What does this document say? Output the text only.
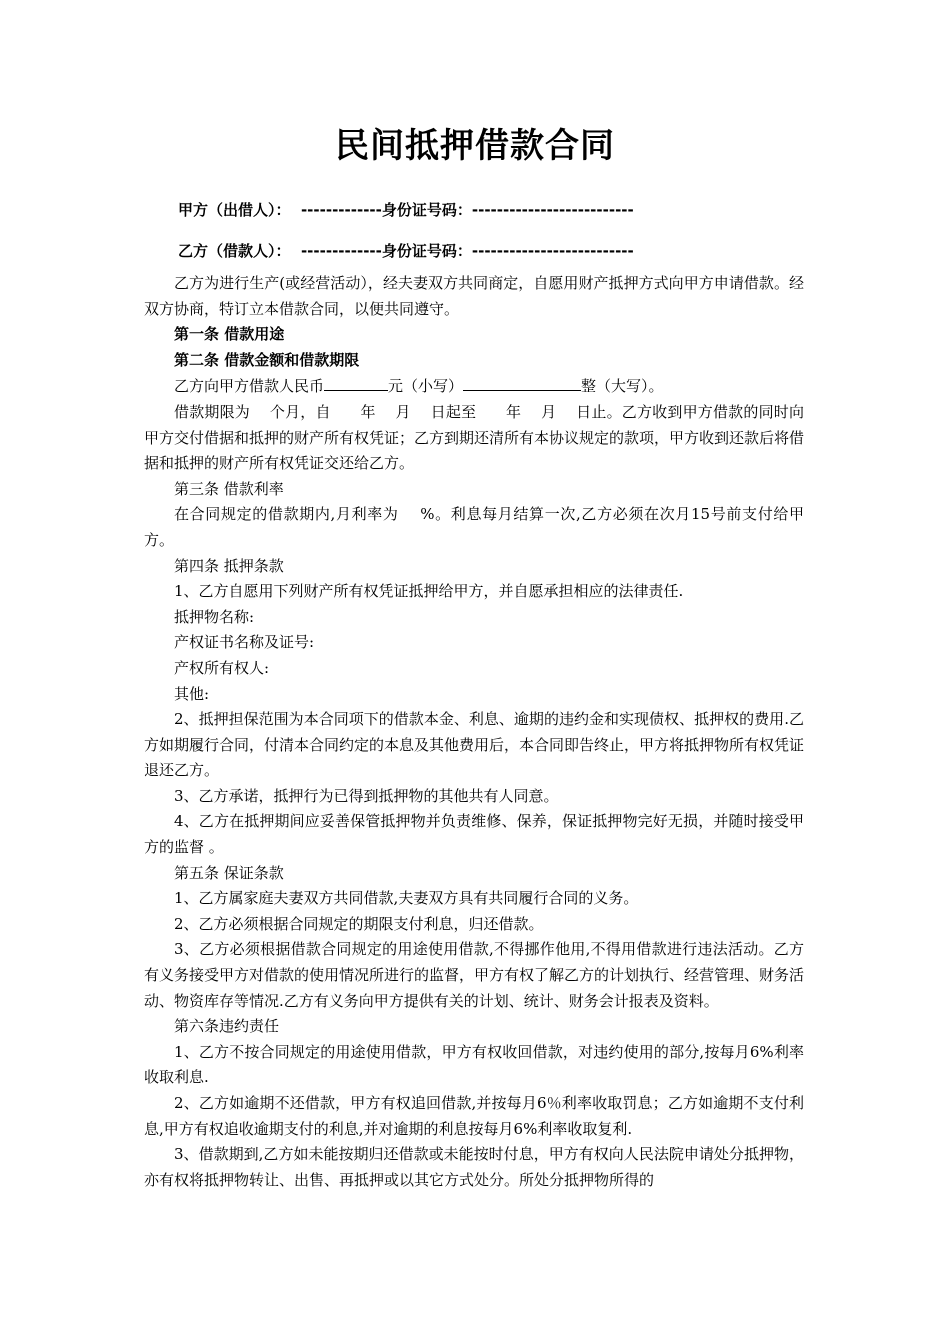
民间抵押借款合同
甲方（出借人）：  -------------身份证号码：--------------------------
乙方（借款人）：  -------------身份证号码：--------------------------

乙方为进行生产(或经营活动），经夫妻双方共同商定，自愿用财产抵押方式向甲方申请借款。经双方协商，特订立本借款合同，以便共同遵守。

第一条 借款用途

第二条 借款金额和借款期限

乙方向甲方借款人民币	元（小写）	整（大写）。

借款期限为    个月，自      年    月    日起至      年    月    日止。乙方收到甲方借款的同时向甲方交付借据和抵押的财产所有权凭证；乙方到期还清所有本协议规定的款项，甲方收到还款后将借据和抵押的财产所有权凭证交还给乙方。

第三条 借款利率

在合同规定的借款期内,月利率为    %。利息每月结算一次,乙方必须在次月15号前支付给甲方。

第四条 抵押条款

1、乙方自愿用下列财产所有权凭证抵押给甲方，并自愿承担相应的法律责任.

抵押物名称:

产权证书名称及证号:

产权所有权人:

其他:

2、抵押担保范围为本合同项下的借款本金、利息、逾期的违约金和实现债权、抵押权的费用.乙方如期履行合同，付清本合同约定的本息及其他费用后，本合同即告终止，甲方将抵押物所有权凭证退还乙方。

3、乙方承诺，抵押行为已得到抵押物的其他共有人同意。

4、乙方在抵押期间应妥善保管抵押物并负责维修、保养，保证抵押物完好无损，并随时接受甲方的监督 。

第五条 保证条款

1、乙方属家庭夫妻双方共同借款,夫妻双方具有共同履行合同的义务。

2、乙方必须根据合同规定的期限支付利息，归还借款。

3、乙方必须根据借款合同规定的用途使用借款,不得挪作他用,不得用借款进行违法活动。乙方有义务接受甲方对借款的使用情况所进行的监督，甲方有权了解乙方的计划执行、经营管理、财务活动、物资库存等情况.乙方有义务向甲方提供有关的计划、统计、财务会计报表及资料。

第六条违约责任

1、乙方不按合同规定的用途使用借款，甲方有权收回借款，对违约使用的部分,按每月6%利率收取利息.

2、乙方如逾期不还借款，甲方有权追回借款,并按每月6％利率收取罚息；乙方如逾期不支付利息,甲方有权追收逾期支付的利息,并对逾期的利息按每月6%利率收取复利.

3、借款期到,乙方如未能按期归还借款或未能按时付息，甲方有权向人民法院申请处分抵押物，亦有权将抵押物转让、出售、再抵押或以其它方式处分。所处分抵押物所得的
